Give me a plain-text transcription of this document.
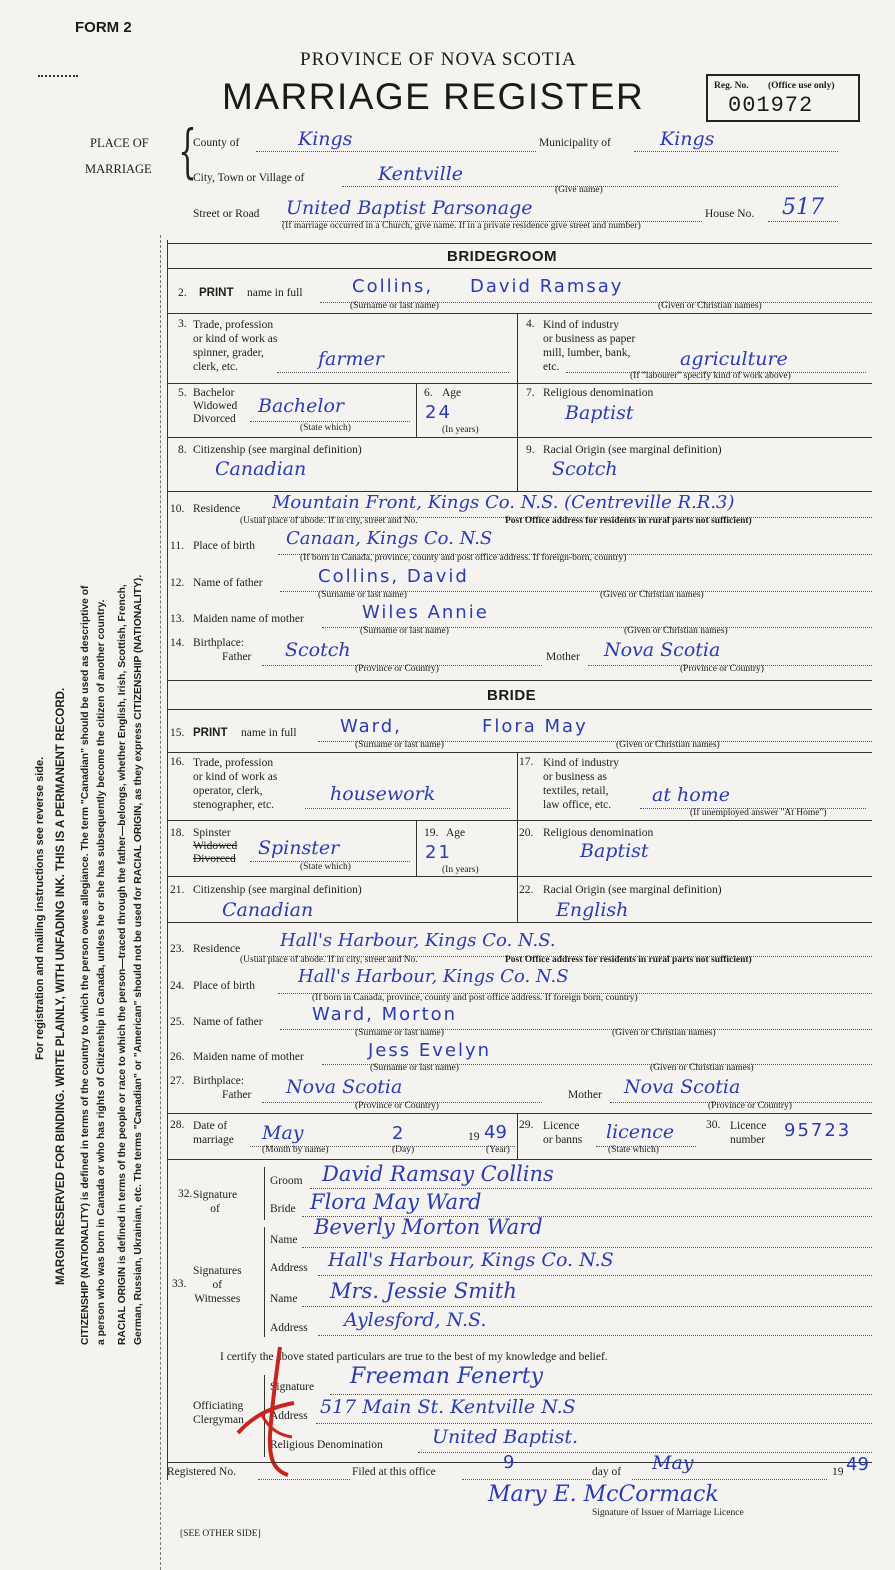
FORM 2
PROVINCE OF NOVA SCOTIA
MARRIAGE REGISTER	Reg. No. (Office use only)
001972
PLACE OF
MARRIAGE {
County of	Kings	Municipality of	Kings
City, Town or Village of	Kentville
(Give name)
Street or Road United Baptist Parsonage	House No. 517
(If marriage occurred in a Church, give name. If in a private residence give street and number)
For registration and mailing instructions see reverse side. MARGIN RESERVED FOR BINDING. WRITE PLAINLY, WITH UNFADING INK. THIS IS A PERMANENT RECORD. CITIZENSHIP (NATIONALITY) is defined in terms of the country to which the person owes allegiance. The term "Canadian" should be used as descriptive of a person who was born in Canada or who has rights of Citizenship in Canada, unless he or she has subsequently become the citizen of another country. RACIAL ORIGIN is defined in terms of the people or race to which the person—traced through the father—belongs, whether English, Irish, Scottish, French, German, Russian, Ukrainian, etc. The terms "Canadian" or "American" should not be used for RACIAL ORIGIN, as they express CITIZENSHIP (NATIONALITY).
BRIDEGROOM
2. PRINT name in full	Collins, David Ramsay
(Surname or last name)	(Given or Christian names)
3. Trade, profession
or kind of work as
spinner, grader,
clerk, etc.	farmer
4. Kind of industry
or business as paper
mill, lumber, bank,
etc.	agriculture
(If "labourer" specify kind of work above)
5. Bachelor
Widowed
Divorced
Bachelor
(State which)
6. Age
24
(In years)
7. Religious denomination
Baptist
8. Citizenship (see marginal definition)
Canadian
9. Racial Origin (see marginal definition)
Scotch
10. Residence Mountain Front, Kings Co. N.S. (Centreville R.R.3)
(Usual place of abode. If in city, street and No.	Post Office address for residents in rural parts not sufficient)
11. Place of birth Canaan, Kings Co. N.S
(If born in Canada, province, county and post office address. If foreign-born, country)
12. Name of father	Collins, David
(Surname or last name)	(Given or Christian names)
13. Maiden name of mother	Wiles Annie
(Surname or last name)	(Given or Christian names)
14. Birthplace:
Father Scotch
(Province or Country)
Mother Nova Scotia
(Province or Country)
BRIDE
15. PRINT name in full Ward,	Flora May
(Surname or last name)	(Given or Christian names)
16. Trade, profession
or kind of work as
operator, clerk,
stenographer, etc.	housework
17. Kind of industry
or business as
textiles, retail,
law office, etc.	at home
(If unemployed answer "At Home")
18. Spinster
Widowed
Divorced Spinster
(State which)
19. Age
21
(In years)
20. Religious denomination
Baptist
21. Citizenship (see marginal definition)
Canadian
22. Racial Origin (see marginal definition)
English
23. Residence Hall's Harbour, Kings Co. N.S.
(Usual place of abode. If in city, street and No.	Post Office address for residents in rural parts not sufficient)
24. Place of birth Hall's Harbour, Kings Co. N.S
(If born in Canada, province, county and post office address. If foreign born, country)
25. Name of father	Ward, Morton
(Surname or last name)	(Given or Christian names)
26. Maiden name of mother	Jess Evelyn
(Surname or last name)	(Given or Christian names)
27. Birthplace:
Father Nova Scotia
(Province or Country)
Mother Nova Scotia
(Province or Country)
28. Date of
marriage May	2	19 49
(Month by name)	(Day)	(Year)
29. Licence
or banns licence
(State which)
30. Licence
number 95723
32. Signature
of
Groom David Ramsay Collins
Bride Flora May Ward
33.
Signatures
of
Witnesses
Name
Beverly Morton Ward
Address Hall's Harbour, Kings Co. N.S
Name Mrs. Jessie Smith
Address Aylesford, N.S.
I certify the above stated particulars are true to the best of my knowledge and belief.
Officiating
Clergyman
Signature Freeman Fenerty
Address 517 Main St. Kentville N.S
Religious Denomination	United Baptist.
Registered No.	Filed at this office	9	day of May	19 49
Mary E. McCormack
Signature of Issuer of Marriage Licence
[SEE OTHER SIDE]
